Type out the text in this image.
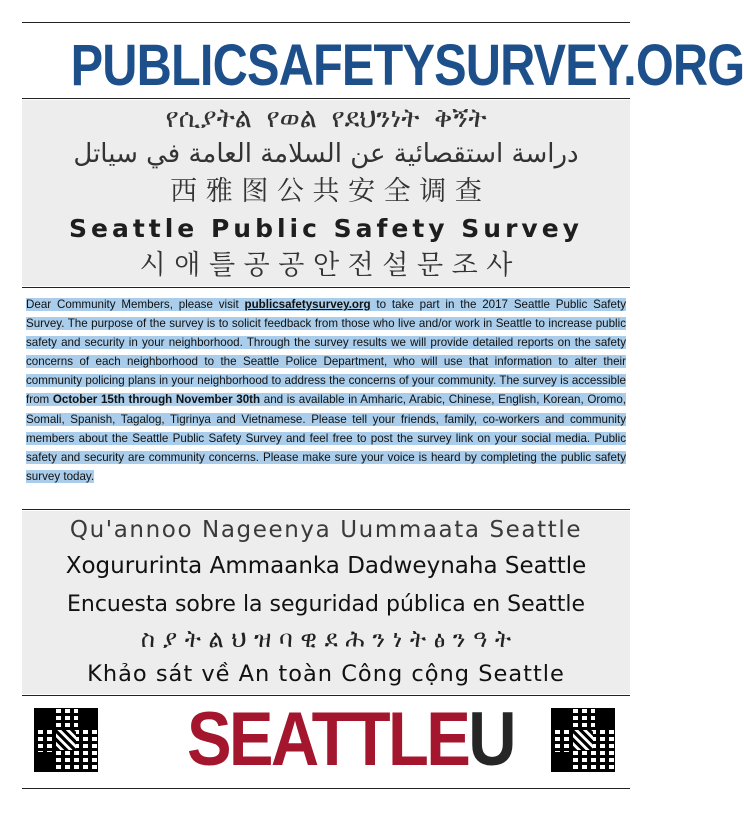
PUBLICSAFETYSURVEY.ORG
የሲያትል የወል የደህንነት ቅኝት
دراسة استقصائية عن السلامة العامة في سياتل
西 雅 图 公 共 安 全 调 查
Seattle Public Safety Survey
시 애 틀 공 공 안 전 설 문 조 사
Dear Community Members, please visit publicsafetysurvey.org to take part in the 2017 Seattle Public Safety Survey. The purpose of the survey is to solicit feedback from those who live and/or work in Seattle to increase public safety and security in your neighborhood. Through the survey results we will provide detailed reports on the safety concerns of each neighborhood to the Seattle Police Department, who will use that information to alter their community policing plans in your neighborhood to address the concerns of your community. The survey is accessible from October 15th through November 30th and is available in Amharic, Arabic, Chinese, English, Korean, Oromo, Somali, Spanish, Tagalog, Tigrinya and Vietnamese. Please tell your friends, family, co-workers and community members about the Seattle Public Safety Survey and feel free to post the survey link on your social media. Public safety and security are community concerns. Please make sure your voice is heard by completing the public safety survey today.
Qu'annoo Nageenya Uummaata Seattle
Xogururinta Ammaanka Dadweynaha Seattle
Encuesta sobre la seguridad pública en Seattle
ስ ያ ት ል ህ ዝ ባ ዊ ደ ሕ ን ነ ት ፅ ን ዓ ት
Khảo sát về An toàn Công cộng Seattle
SEATTLEU
